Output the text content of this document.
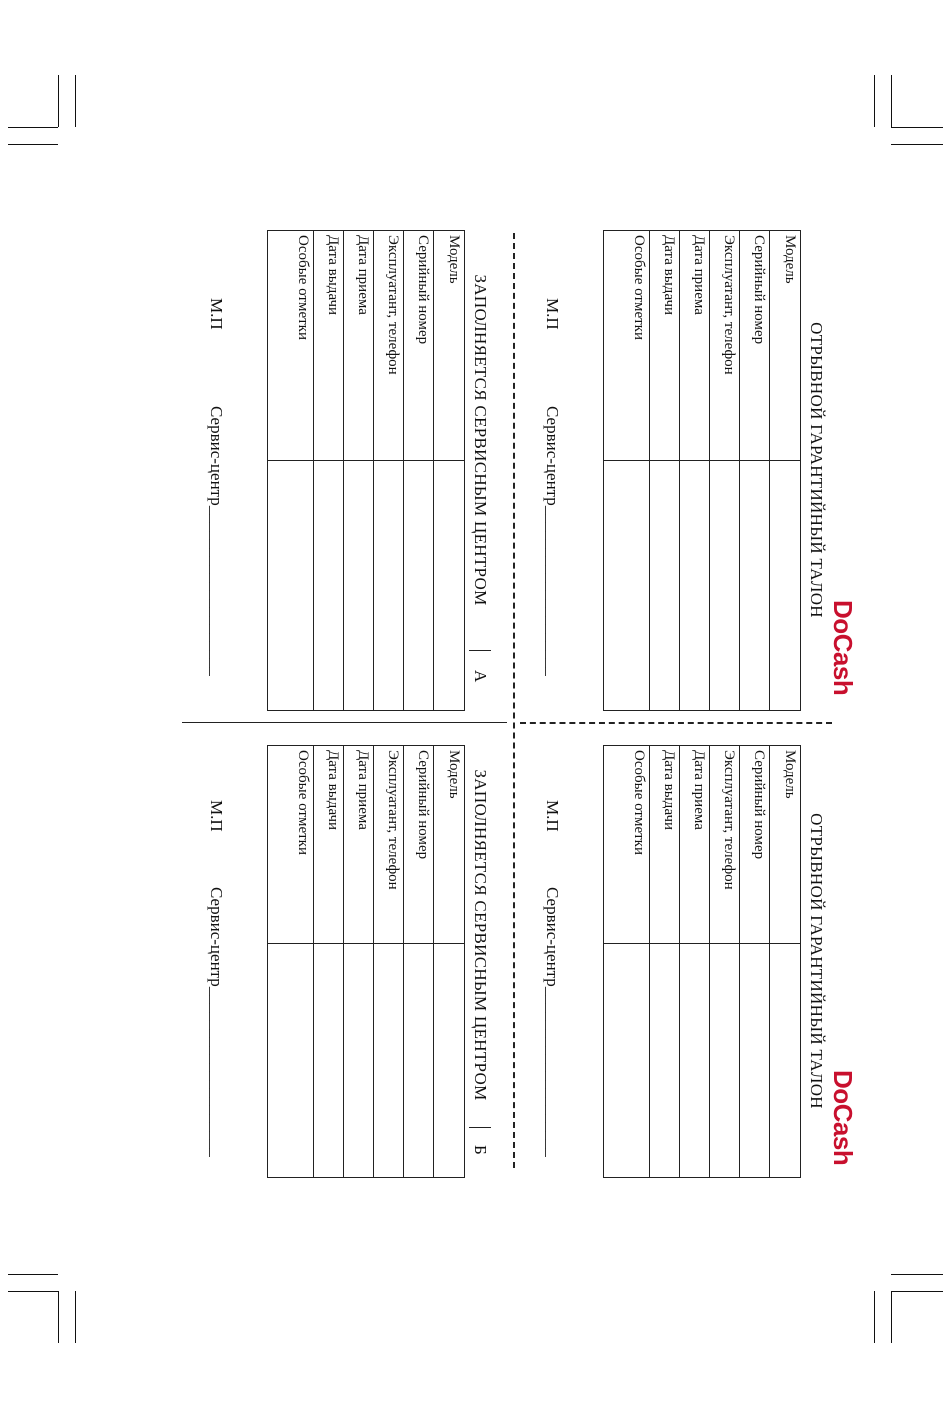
DoCash
DoCash
ОТРЫВНОЙ ГАРАНТИЙНЫЙ ТАЛОН
Модель	
Серийный номер	
Эксплуатант, телефон	
Дата приема	
Дата выдачи	
Особые отметки	
М.П
Сервис-центр____________________
ЗАПОЛНЯЕТСЯ СЕРВИСНЫМ ЦЕНТРОМ
А
Модель	
Серийный номер	
Эксплуатант, телефон	
Дата приема	
Дата выдачи	
Особые отметки	
М.П
Сервис-центр____________________
ОТРЫВНОЙ ГАРАНТИЙНЫЙ ТАЛОН
Модель	
Серийный номер	
Эксплуатант, телефон	
Дата приема	
Дата выдачи	
Особые отметки	
М.П
Сервис-центр____________________
ЗАПОЛНЯЕТСЯ СЕРВИСНЫМ ЦЕНТРОМ
Б
Модель	
Серийный номер	
Эксплуатант, телефон	
Дата приема	
Дата выдачи	
Особые отметки	
М.П
Сервис-центр____________________
